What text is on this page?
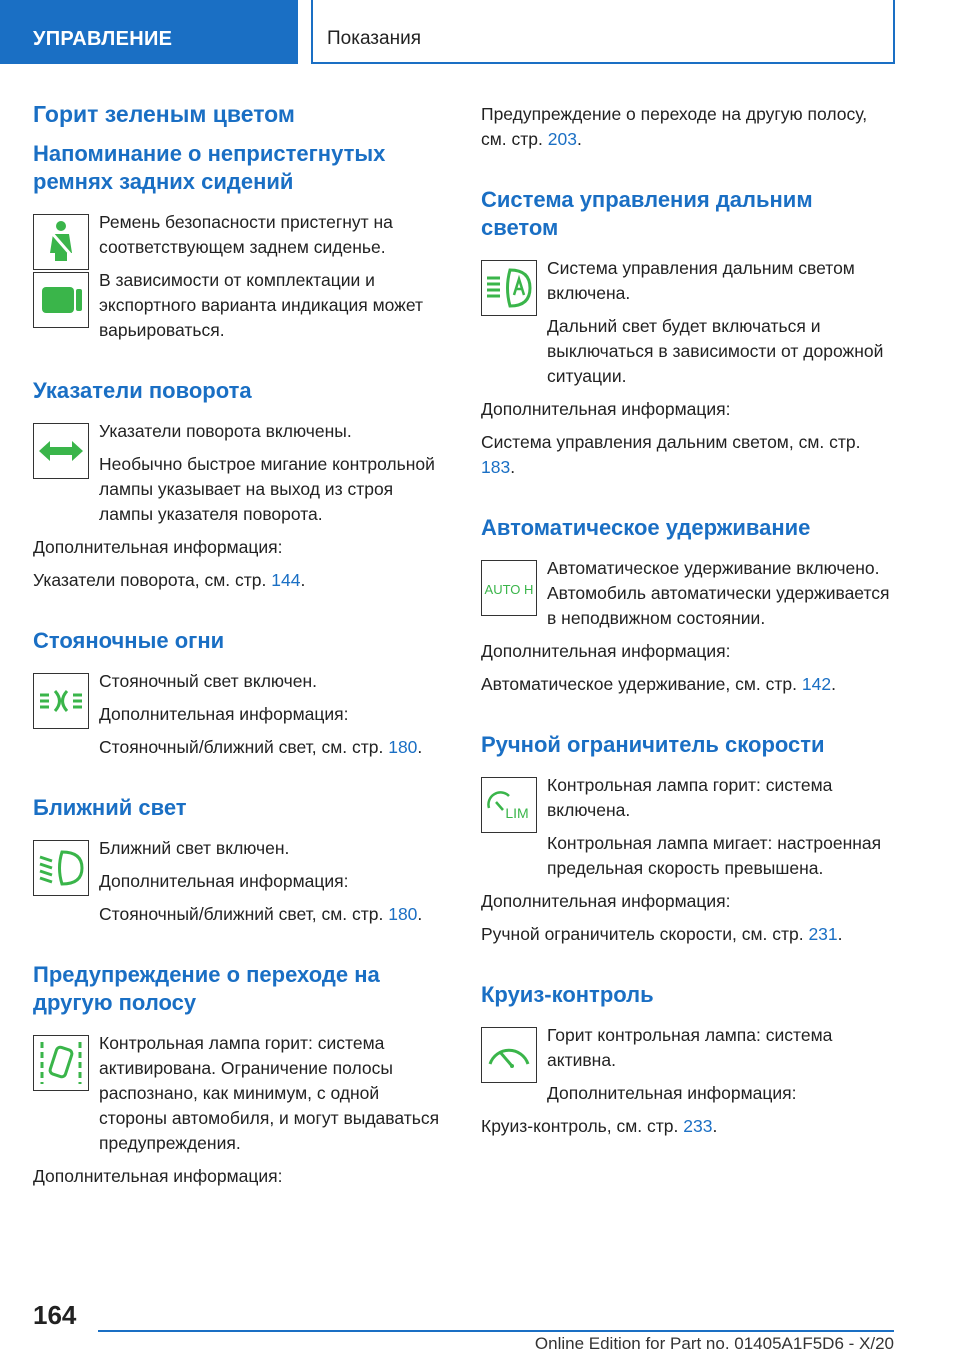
УПРАВЛЕНИЕ	Показания
Горит зеленым цветом
Напоминание о непристегнутых ремнях задних сидений

Ремень безопасности пристегнут на соответствующем заднем сиденье.

В зависимости от комплектации и экспортного варианта индикация может варьироваться.

Указатели поворота

Указатели поворота включены.

Необычно быстрое мигание контрольной лампы указывает на выход из строя лампы указателя поворота.

Дополнительная информация:

Указатели поворота, см. стр. 144.

Стояночные огни

Стояночный свет включен.

Дополнительная информация:

Стояночный/ближний свет, см. стр. 180.

Ближний свет

Ближний свет включен.

Дополнительная информация:

Стояночный/ближний свет, см. стр. 180.

Предупреждение о переходе на другую полосу

Контрольная лампа горит: система активирована. Ограничение полосы распознано, как минимум, с одной стороны автомобиля, и могут выдаваться предупреждения.

Дополнительная информация:

Предупреждение о переходе на другую полосу, см. стр. 203.

Система управления дальним светом

Система управления дальним светом включена.

Дальний свет будет включаться и выключаться в зависимости от дорожной ситуации.

Дополнительная информация:

Система управления дальним светом, см. стр. 183.

Автоматическое удерживание
AUTO H

Автоматическое удерживание включено. Автомобиль автоматически удерживается в неподвижном состоянии.

Дополнительная информация:

Автоматическое удерживание, см. стр. 142.

Ручной ограничитель скорости
LIM

Контрольная лампа горит: система включена.

Контрольная лампа мигает: настроенная предельная скорость превышена.

Дополнительная информация:

Ручной ограничитель скорости, см. стр. 231.

Круиз-контроль

Горит контрольная лампа: система активна.

Дополнительная информация:

Круиз-контроль, см. стр. 233.

164
Online Edition for Part no. 01405A1F5D6 - X/20
